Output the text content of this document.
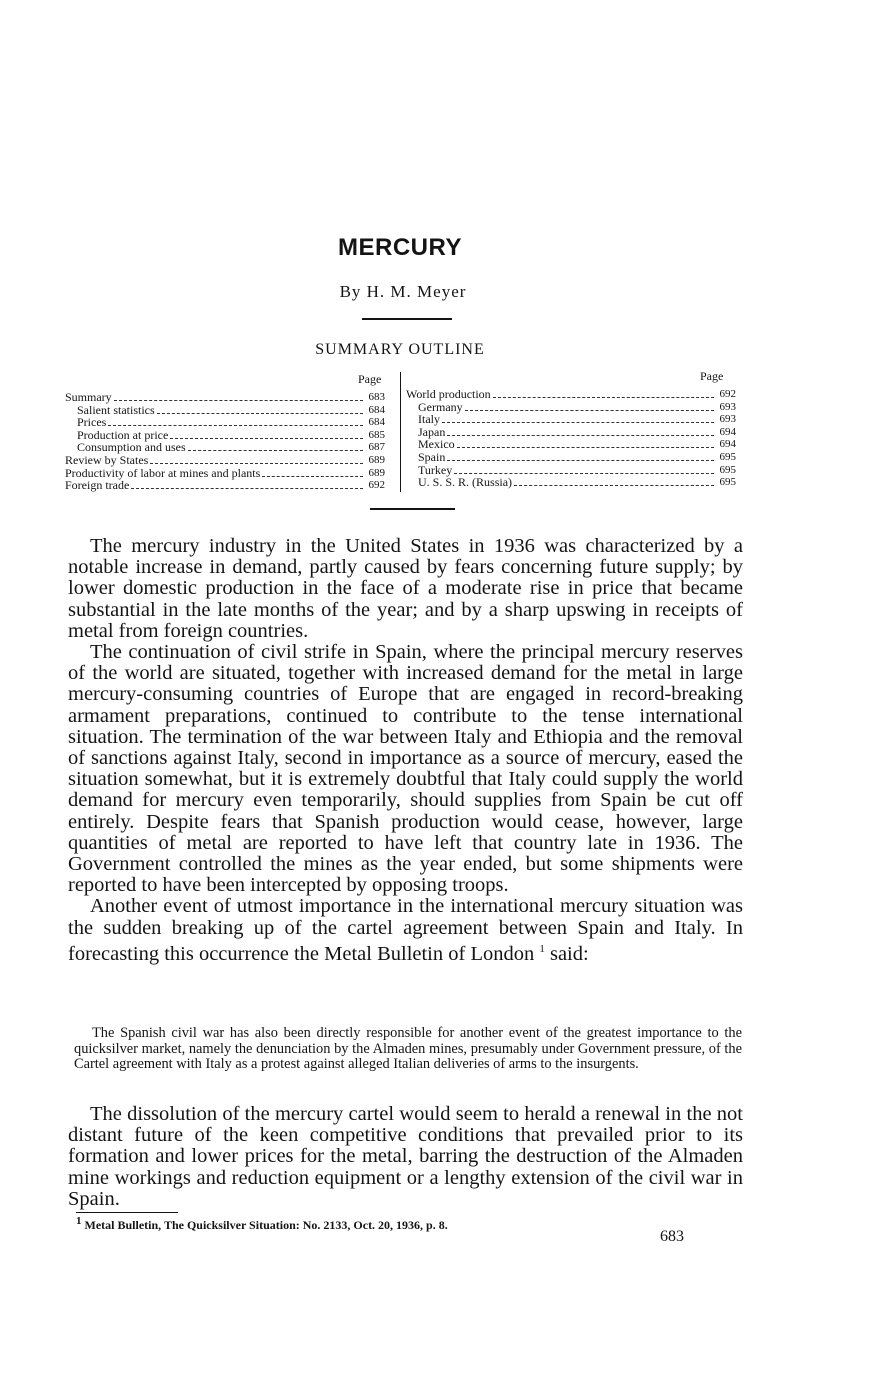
MERCURY
By H. M. Meyer
SUMMARY OUTLINE
Page	Page
Summary	683
Salient statistics	684
Prices	684
Production at price	685
Consumption and uses	687
Review by States	689
Productivity of labor at mines and plants	689
Foreign trade	692
World production	692
Germany	693
Italy	693
Japan	694
Mexico	694
Spain	695
Turkey	695
U. S. S. R. (Russia)	695

The mercury industry in the United States in 1936 was characterized by a notable increase in demand, partly caused by fears concerning future supply; by lower domestic production in the face of a moderate rise in price that became substantial in the late months of the year; and by a sharp upswing in receipts of metal from foreign countries.

The continuation of civil strife in Spain, where the principal mercury reserves of the world are situated, together with increased demand for the metal in large mercury-consuming countries of Europe that are engaged in record-breaking armament preparations, continued to contribute to the tense international situation. The termination of the war between Italy and Ethiopia and the removal of sanctions against Italy, second in importance as a source of mercury, eased the situation somewhat, but it is extremely doubtful that Italy could supply the world demand for mercury even temporarily, should supplies from Spain be cut off entirely. Despite fears that Spanish production would cease, however, large quantities of metal are reported to have left that country late in 1936. The Government controlled the mines as the year ended, but some shipments were reported to have been intercepted by opposing troops.

Another event of utmost importance in the international mercury situation was the sudden breaking up of the cartel agreement between Spain and Italy. In forecasting this occurrence the Metal Bulletin of London $^1$ said:

The Spanish civil war has also been directly responsible for another event of the greatest importance to the quicksilver market, namely the denunciation by the Almaden mines, presumably under Government pressure, of the Cartel agreement with Italy as a protest against alleged Italian deliveries of arms to the insurgents.

The dissolution of the mercury cartel would seem to herald a renewal in the not distant future of the keen competitive conditions that prevailed prior to its formation and lower prices for the metal, barring the destruction of the Almaden mine workings and reduction equipment or a lengthy extension of the civil war in Spain.

$^1$ Metal Bulletin, The Quicksilver Situation: No. 2133, Oct. 20, 1936, p. 8.
683
